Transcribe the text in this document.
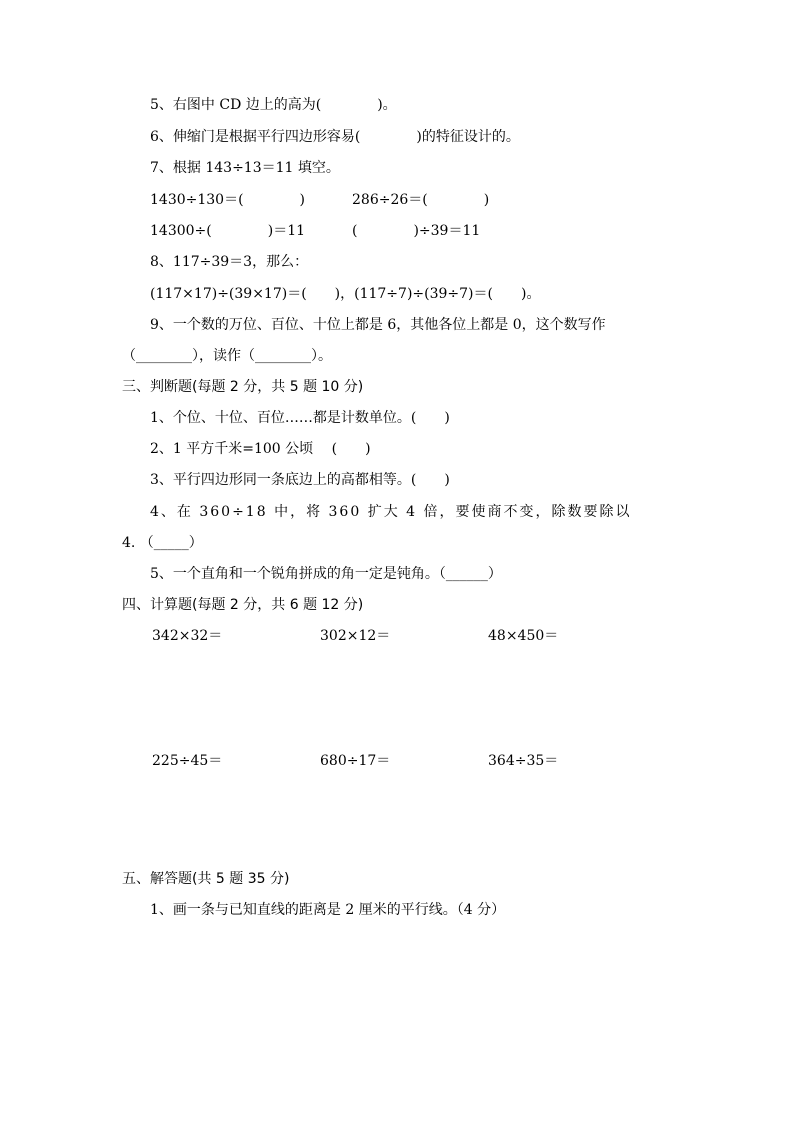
5、右图中 CD 边上的高为(　　　　)。
6、伸缩门是根据平行四边形容易(　　　　)的特征设计的。
7、根据 143÷13＝11 填空。
1430÷130＝(　　　　)	286÷26＝(　　　　)
14300÷(　　　　)＝11	(　　　　)÷39＝11
8、117÷39＝3，那么：
(117×17)÷(39×17)＝(　　)，(117÷7)÷(39÷7)＝(　　)。
9、一个数的万位、百位、十位上都是 6，其他各位上都是 0，这个数写作
（________），读作（________）。
三、判断题(每题 2 分，共 5 题 10 分)
1、个位、十位、百位……都是计数单位。(　　)
2、1 平方千米=100 公顷　 (　　)
3、平行四边形同一条底边上的高都相等。(　　)
4、在 360÷18 中，将 360 扩大 4 倍，要使商不变，除数要除以
4. （_____）
5、一个直角和一个锐角拼成的角一定是钝角。（______）
四、计算题(每题 2 分，共 6 题 12 分)
342×32＝	302×12＝	48×450＝
225÷45＝	680÷17＝	364÷35＝
五、解答题(共 5 题 35 分)
1、画一条与已知直线的距离是 2 厘米的平行线。（4 分）
